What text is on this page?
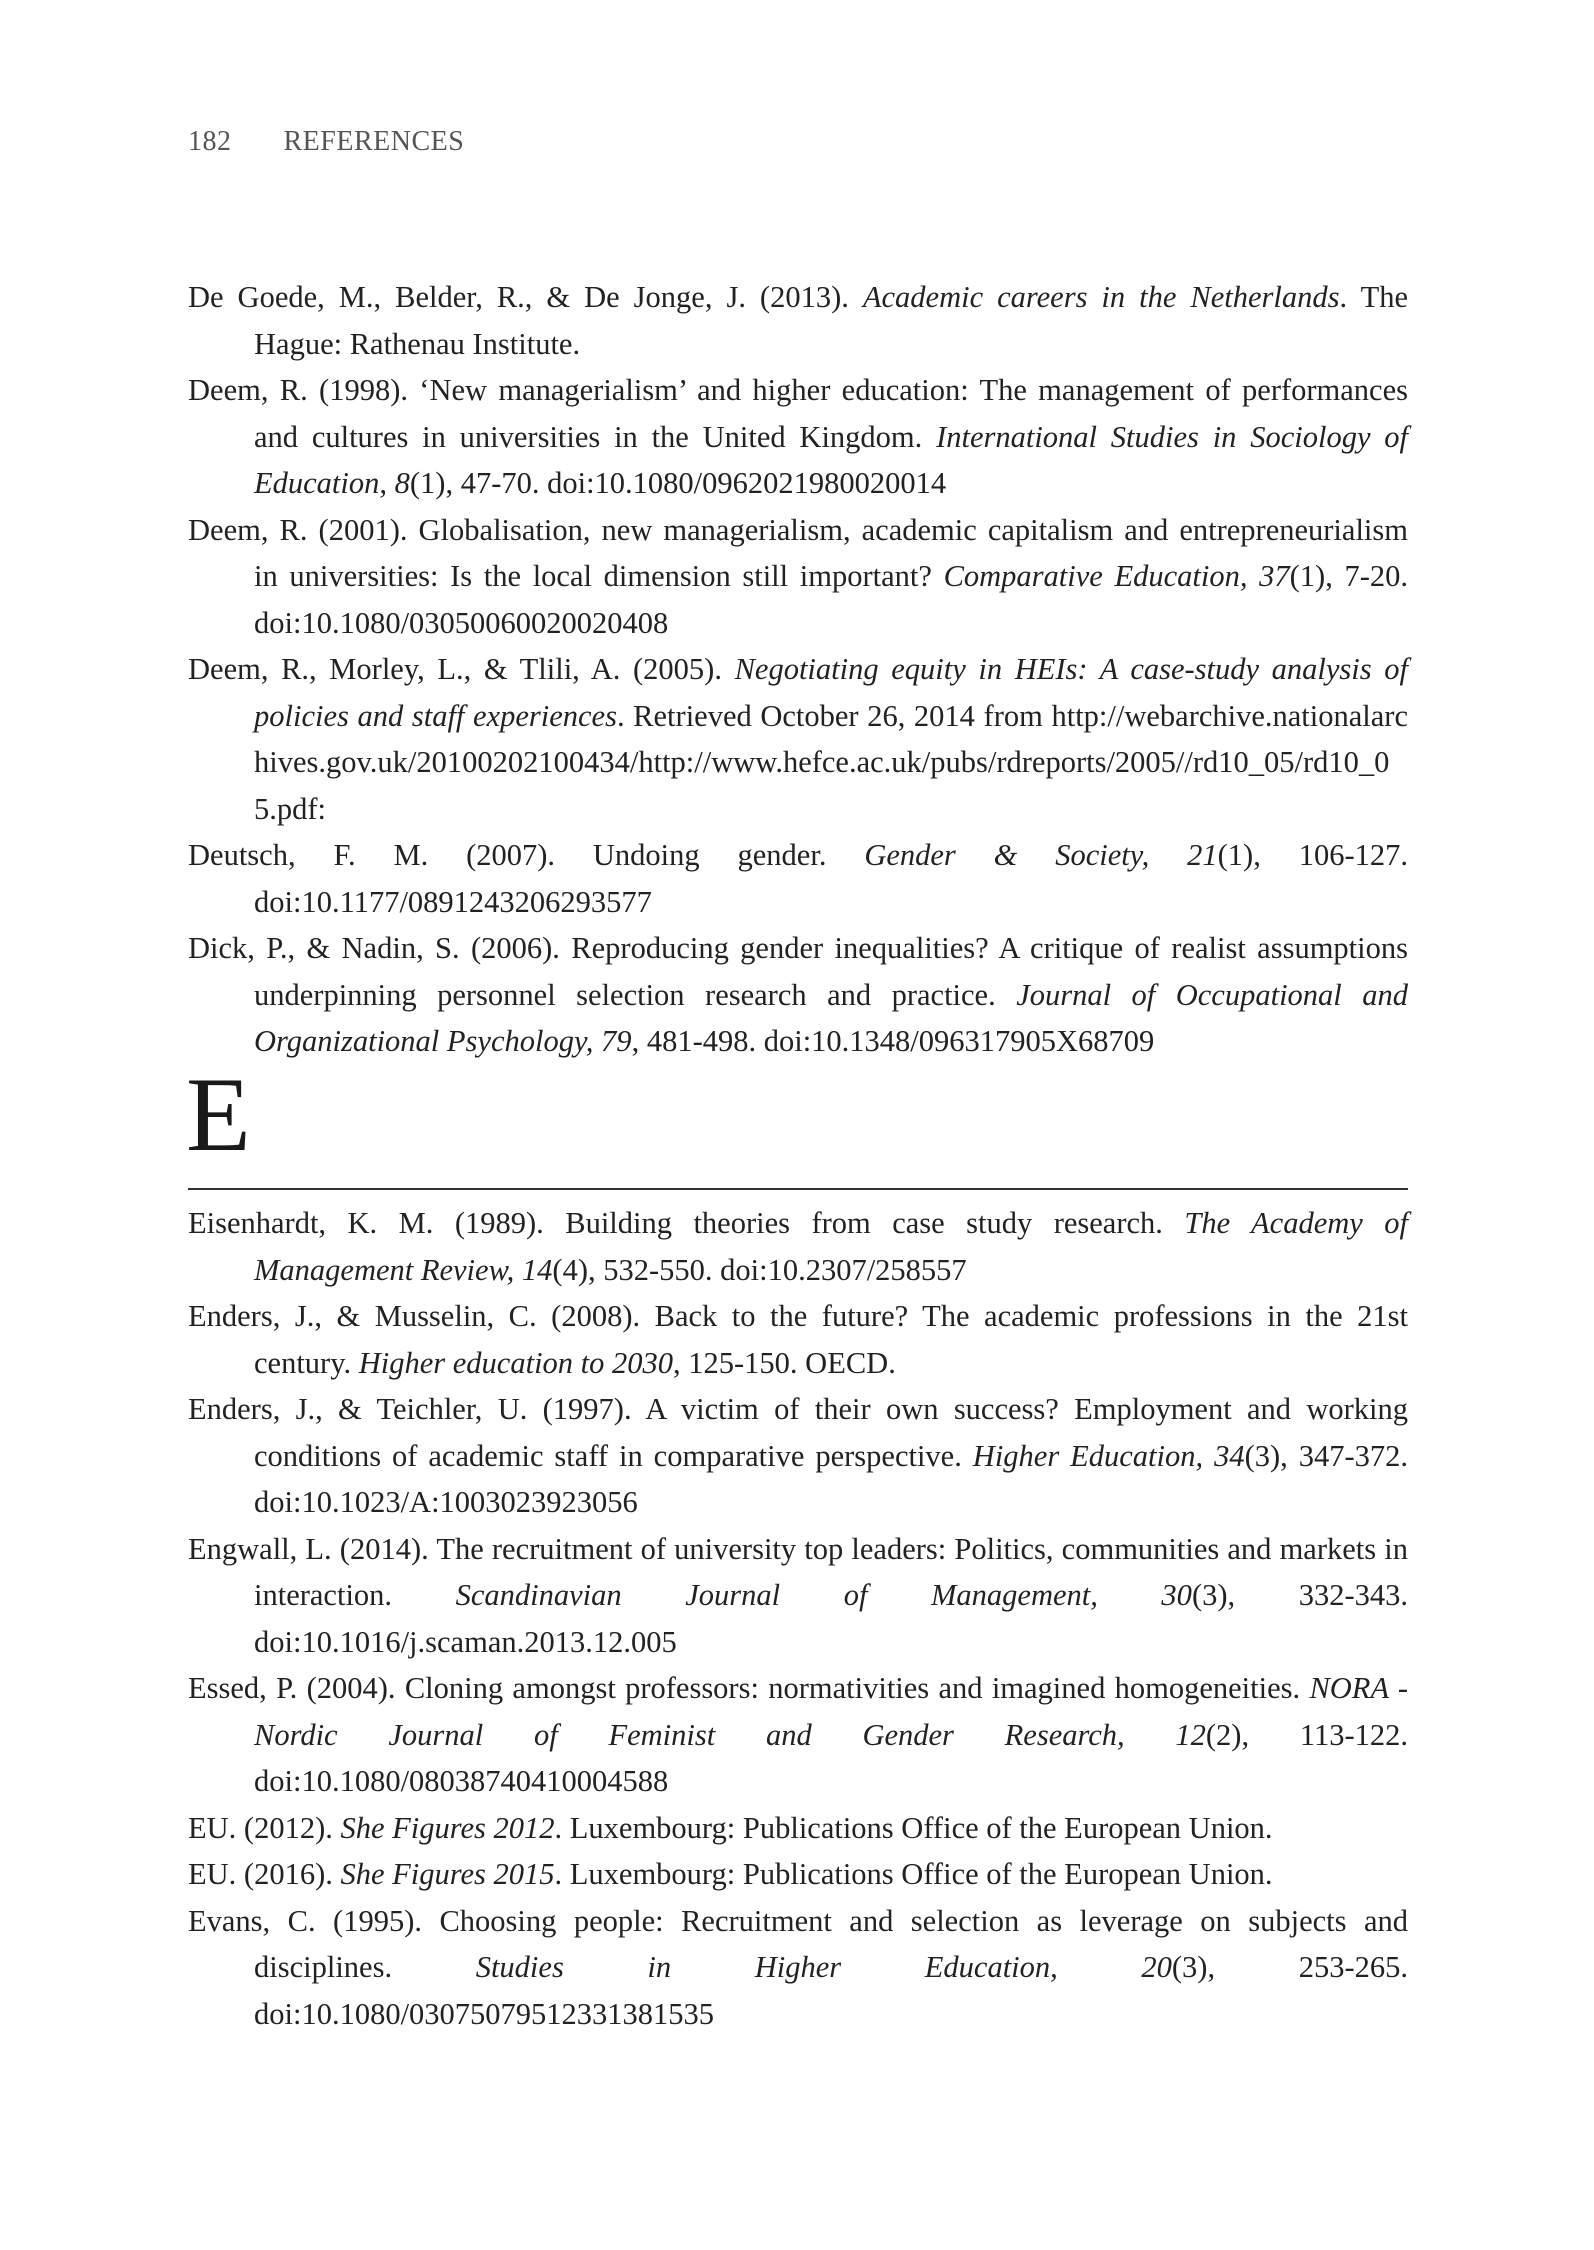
182 REFERENCES

De Goede, M., Belder, R., & De Jonge, J. (2013). Academic careers in the Netherlands. The Hague: Rathenau Institute.

Deem, R. (1998). ‘New managerialism’ and higher education: The management of performances and cultures in universities in the United Kingdom. International Studies in Sociology of Education, 8(1), 47-70. doi:10.1080/0962021980020014

Deem, R. (2001). Globalisation, new managerialism, academic capitalism and entrepreneurialism in universities: Is the local dimension still important? Comparative Education, 37(1), 7-20. doi:10.1080/03050060020020408

Deem, R., Morley, L., & Tlili, A. (2005). Negotiating equity in HEIs: A case-study analysis of policies and staff experiences. Retrieved October 26, 2014 from http://webarchive.nationalarchives.gov.uk/20100202100434/http://www.hefce.ac.uk/pubs/rdreports/2005//rd10_05/rd10_05.pdf:

Deutsch, F. M. (2007). Undoing gender. Gender & Society, 21(1), 106-127. doi:10.1177/0891243206293577

Dick, P., & Nadin, S. (2006). Reproducing gender inequalities? A critique of realist assumptions underpinning personnel selection research and practice. Journal of Occupational and Organizational Psychology, 79, 481-498. doi:10.1348/096317905X68709

E

Eisenhardt, K. M. (1989). Building theories from case study research. The Academy of Management Review, 14(4), 532-550. doi:10.2307/258557

Enders, J., & Musselin, C. (2008). Back to the future? The academic professions in the 21st century. Higher education to 2030, 125-150. OECD.

Enders, J., & Teichler, U. (1997). A victim of their own success? Employment and working conditions of academic staff in comparative perspective. Higher Education, 34(3), 347-372. doi:10.1023/A:1003023923056

Engwall, L. (2014). The recruitment of university top leaders: Politics, communities and markets in interaction. Scandinavian Journal of Management, 30(3), 332-343. doi:10.1016/j.scaman.2013.12.005

Essed, P. (2004). Cloning amongst professors: normativities and imagined homogeneities. NORA - Nordic Journal of Feminist and Gender Research, 12(2), 113-122. doi:10.1080/08038740410004588

EU. (2012). She Figures 2012. Luxembourg: Publications Office of the European Union.

EU. (2016). She Figures 2015. Luxembourg: Publications Office of the European Union.

Evans, C. (1995). Choosing people: Recruitment and selection as leverage on subjects and disciplines. Studies in Higher Education, 20(3), 253-265. doi:10.1080/03075079512331381535
